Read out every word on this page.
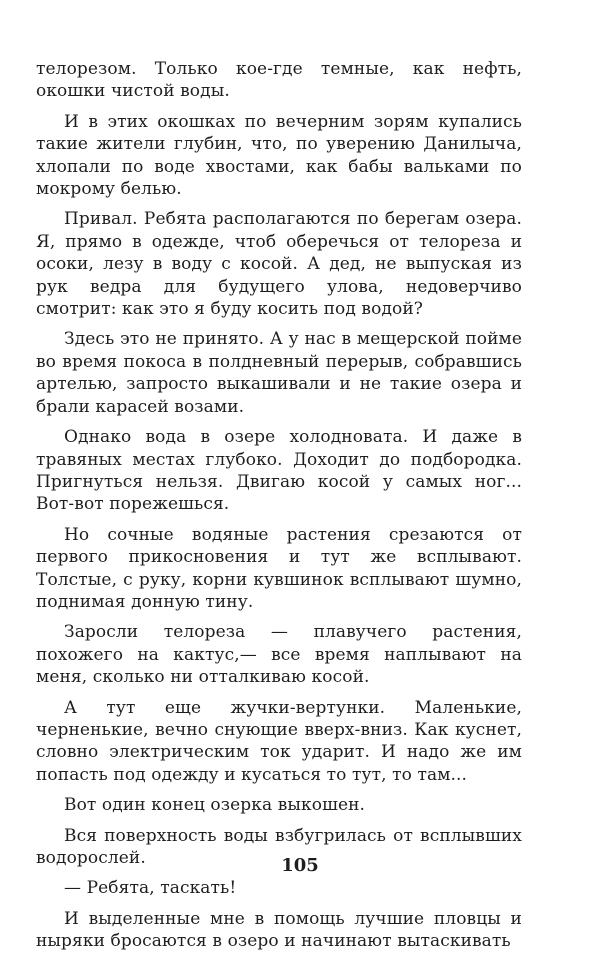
телорезом. Только кое-где темные, как нефть, окошки чистой воды.

И в этих окошках по вечерним зорям купались такие жители глубин, что, по уверению Данилыча, хлопали по воде хвостами, как бабы вальками по мокрому белью.

Привал. Ребята располагаются по берегам озера. Я, прямо в одежде, чтоб оберечься от телореза и осоки, лезу в воду с косой. А дед, не выпуская из рук ведра для будущего улова, недоверчиво смотрит: как это я буду косить под водой?

Здесь это не принято. А у нас в мещерской пойме во время покоса в полдневный перерыв, собравшись артелью, запросто выкашивали и не такие озера и брали карасей возами.

Однако вода в озере холодновата. И даже в травяных местах глубоко. Доходит до подбородка. Пригнуться нельзя. Двигаю косой у самых ног... Вот-вот порежешься.

Но сочные водяные растения срезаются от первого прикосновения и тут же всплывают. Толстые, с руку, корни кувшинок всплывают шумно, поднимая донную тину.

Заросли телореза — плавучего растения, похожего на кактус,— все время наплывают на меня, сколько ни отталкиваю косой.

А тут еще жучки-вертунки. Маленькие, черненькие, вечно снующие вверх-вниз. Как куснет, словно электрическим ток ударит. И надо же им попасть под одежду и кусаться то тут, то там...

Вот один конец озерка выкошен.

Вся поверхность воды взбугрилась от всплывших водорослей.

— Ребята, таскать!

И выделенные мне в помощь лучшие пловцы и ныряки бросаются в озеро и начинают вытаскивать

105
